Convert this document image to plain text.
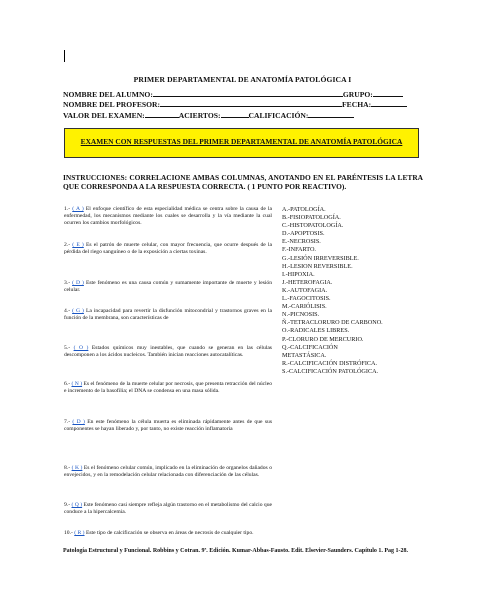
PRIMER DEPARTAMENTAL DE ANATOMÍA PATOLÓGICA I
NOMBRE DEL ALUMNO:	GRUPO:
NOMBRE DEL PROFESOR:	FECHA:
VALOR DEL EXAMEN:	ACIERTOS:	CALIFICACIÓN:
EXAMEN CON RESPUESTAS DEL PRIMER DEPARTAMENTAL DE ANATOMÍA PATOLÓGICA
INSTRUCCIONES: CORRELACIONE AMBAS COLUMNAS, ANOTANDO EN EL PARÉNTESIS LA LETRA QUE CORRESPONDA A LA RESPUESTA CORRECTA. ( 1 PUNTO POR REACTIVO).
1.- ( A ) El enfoque científico de esta especialidad médica se centra sobre la causa de la enfermedad, los mecanismos mediante los cuales se desarrolla y la vía mediante la cual ocurren los cambios morfológicos.
2.- ( E ) Es el patrón de muerte celular, con mayor frecuencia, que ocurre después de la pérdida del riego sanguíneo o de la exposición a ciertas toxinas.
3.- ( D ) Este fenómeno es una causa común y sumamente importante de muerte y lesión celular.
4.- ( G ) La incapacidad para revertir la disfunción mitocondrial y trastornos graves en la función de la membrana, son características de
5.- ( O ) Estados químicos muy inestables, que cuando se generan en las células descomponen a los ácidos nucleicos. También inician reacciones autocatalíticas.
6.- ( N ) Es el fenómeno de la muerte celular por necrosis, que presenta retracción del núcleo e incremento de la basofilia; el DNA se condensa en una masa sólida.
7.- ( D ) En este fenómeno la célula muerta es eliminada rápidamente antes de que sus componentes se hayan liberado y, por tanto, no existe reacción inflamatoria
8.- ( K ) Es el fenómeno celular común, implicado en la eliminación de organelos dañados o envejecidos, y en la remodelación celular relacionada con diferenciación de las células.
9.- ( Q ) Este fenómeno casi siempre refleja algún trastorno en el metabolismo del calcio que conduce a la hipercalcemia.
10.- ( R ) Este tipo de calcificación se observa en áreas de necrosis de cualquier tipo.
A.-PATOLOGÍA.
B.-FISIOPATOLOGÍA.
C.-HISTOPATOLOGÍA.
D.-APOPTOSIS.
E.-NECROSIS.
F.-INFARTO.
G.-LESIÓN IRREVERSIBLE.
H.-LESION REVERSIBLE.
I.-HIPOXIA.
J.-HETEROFAGIA.
K.-AUTOFAGIA.
L.-FAGOCITOSIS.
M.-CARIÓLISIS.
N.-PICNOSIS.
Ñ.-TETRACLORURO DE CARBONO.
O.-RADICALES LIBRES.
P.-CLORURO DE MERCURIO.
Q.-CALCIFICACIÓN METASTÁSICA.
R.-CALCIFICACIÓN DISTRÓFICA.
S.-CALCIFICACIÓN PATOLÓGICA.
Patología Estructural y Funcional. Robbins y Cotran. 9ª. Edición. Kumar-Abbas-Fausto. Edit. Elsevier-Saunders. Capítulo 1. Pag 1-28.
